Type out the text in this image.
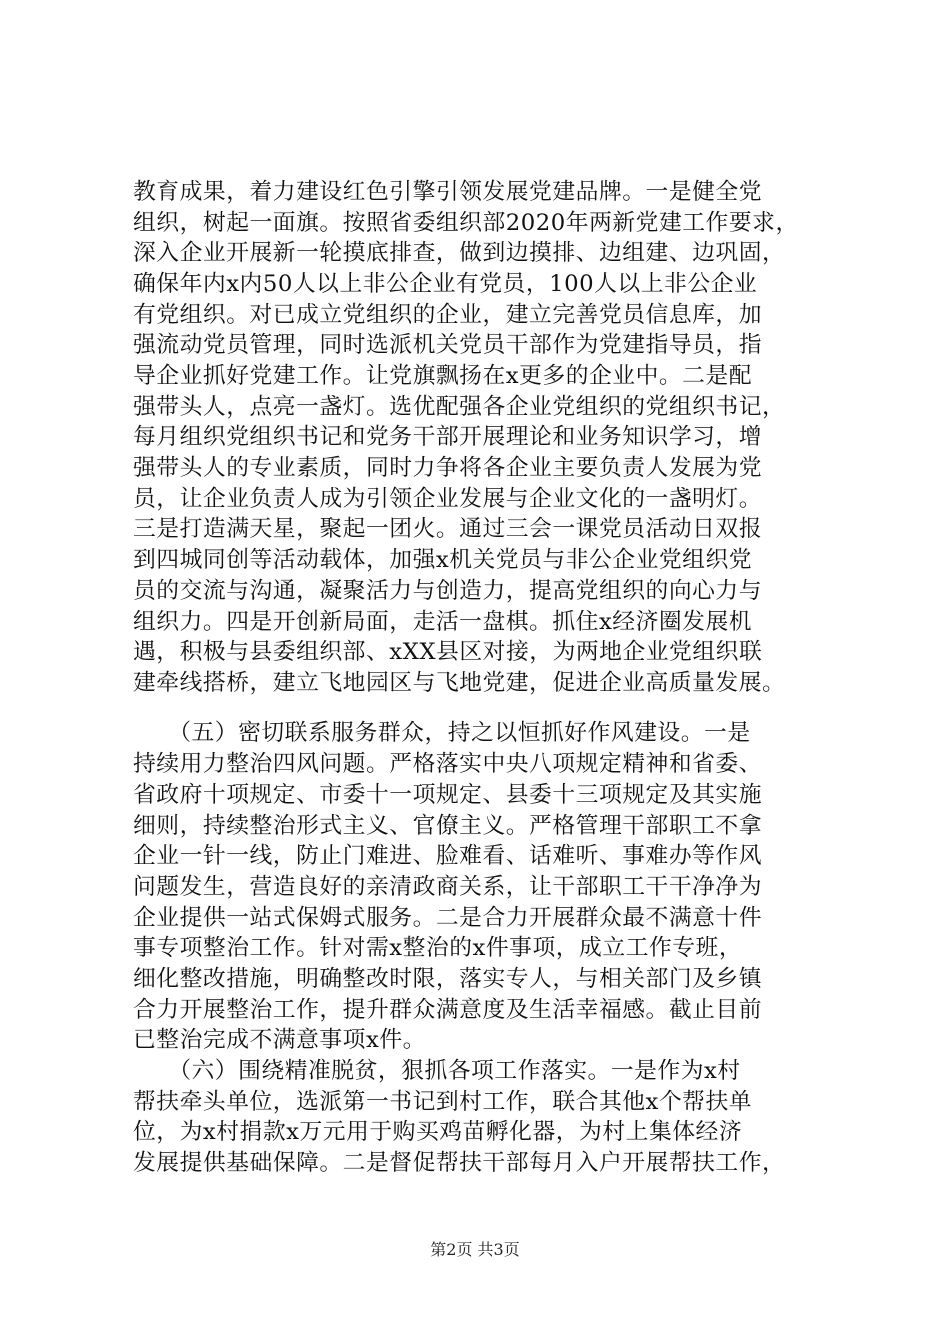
教育成果，着力建设红色引擎引领发展党建品牌。一是健全党
组织，树起一面旗。按照省委组织部2020年两新党建工作要求，
深入企业开展新一轮摸底排查，做到边摸排、边组建、边巩固，
确保年内x内50人以上非公企业有党员，100人以上非公企业
有党组织。对已成立党组织的企业，建立完善党员信息库，加
强流动党员管理，同时选派机关党员干部作为党建指导员，指
导企业抓好党建工作。让党旗飘扬在x更多的企业中。二是配
强带头人，点亮一盏灯。选优配强各企业党组织的党组织书记，
每月组织党组织书记和党务干部开展理论和业务知识学习，增
强带头人的专业素质，同时力争将各企业主要负责人发展为党
员，让企业负责人成为引领企业发展与企业文化的一盏明灯。
三是打造满天星，聚起一团火。通过三会一课党员活动日双报
到四城同创等活动载体，加强x机关党员与非公企业党组织党
员的交流与沟通，凝聚活力与创造力，提高党组织的向心力与
组织力。四是开创新局面，走活一盘棋。抓住x经济圈发展机
遇，积极与县委组织部、xXX县区对接，为两地企业党组织联
建牵线搭桥，建立飞地园区与飞地党建，促进企业高质量发展。
　　（五）密切联系服务群众，持之以恒抓好作风建设。一是
持续用力整治四风问题。严格落实中央八项规定精神和省委、
省政府十项规定、市委十一项规定、县委十三项规定及其实施
细则，持续整治形式主义、官僚主义。严格管理干部职工不拿
企业一针一线，防止门难进、脸难看、话难听、事难办等作风
问题发生，营造良好的亲清政商关系，让干部职工干干净净为
企业提供一站式保姆式服务。二是合力开展群众最不满意十件
事专项整治工作。针对需x整治的x件事项，成立工作专班，
细化整改措施，明确整改时限，落实专人，与相关部门及乡镇
合力开展整治工作，提升群众满意度及生活幸福感。截止目前
已整治完成不满意事项x件。
　　（六）围绕精准脱贫，狠抓各项工作落实。一是作为x村
帮扶牵头单位，选派第一书记到村工作，联合其他x个帮扶单
位，为x村捐款x万元用于购买鸡苗孵化器，为村上集体经济
发展提供基础保障。二是督促帮扶干部每月入户开展帮扶工作，
第2页 共3页
